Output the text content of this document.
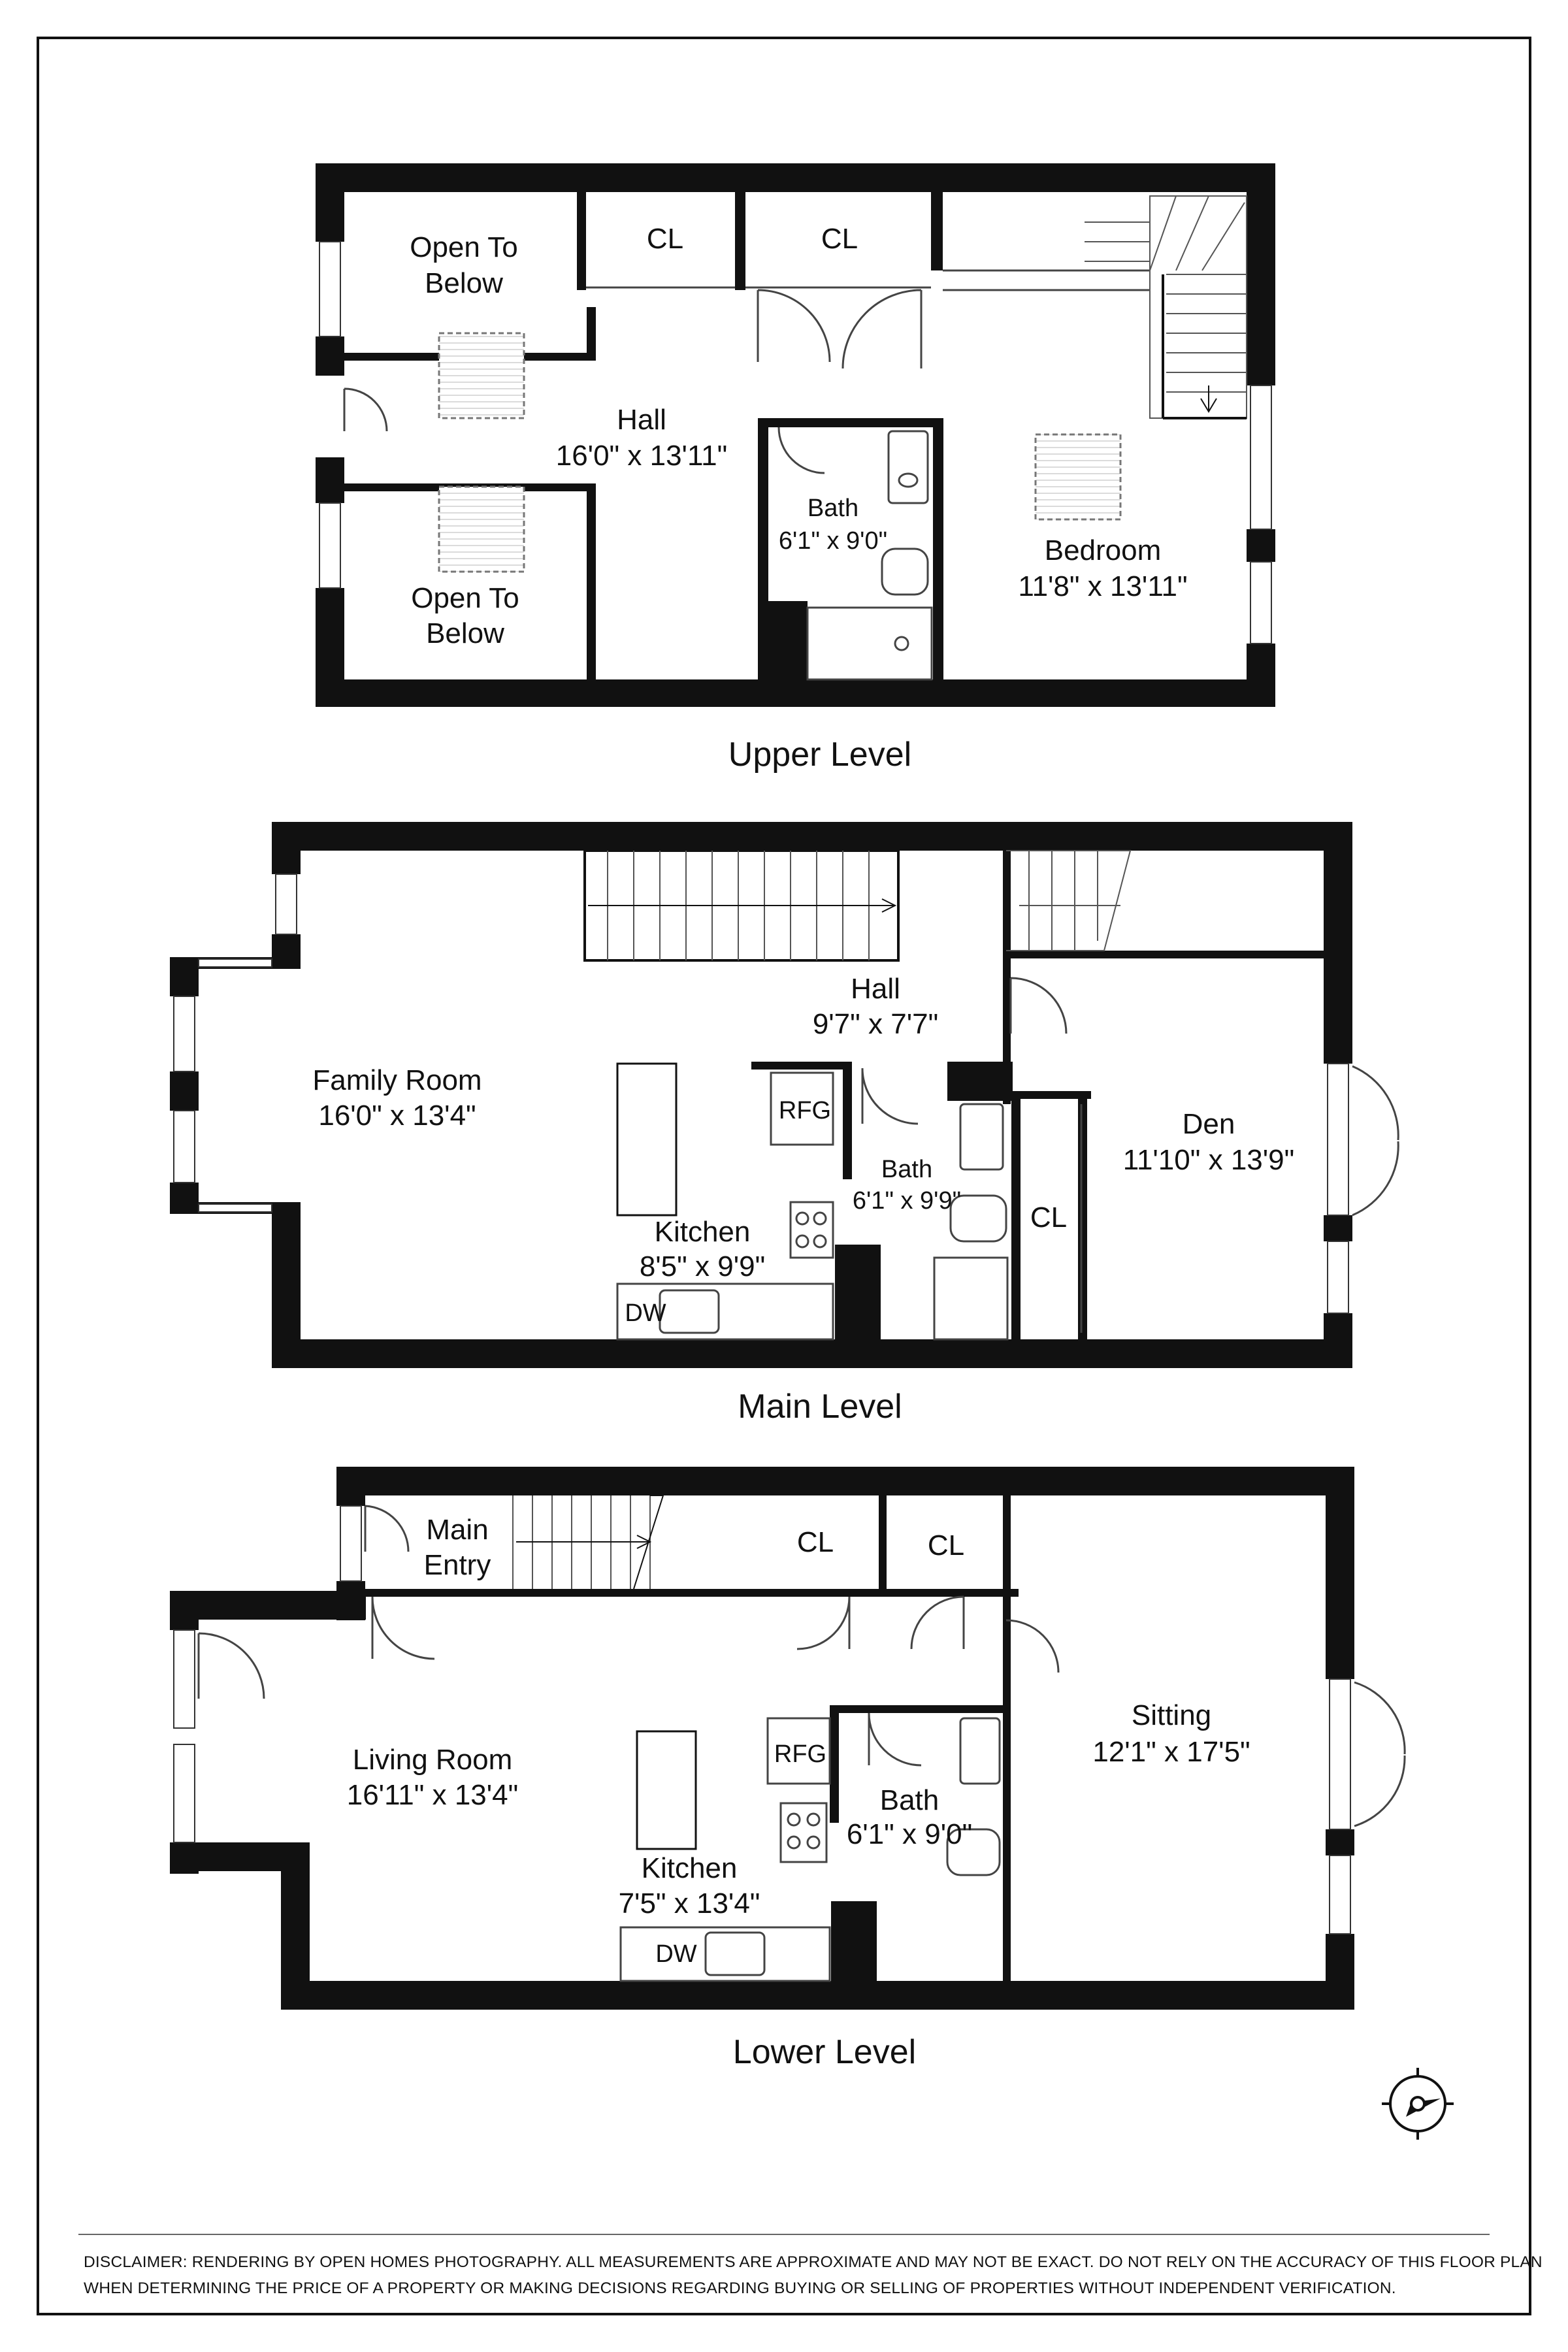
Open To Below
CL	CL
Hall 16'0" x 13'11"
Bath 6'1" x 9'0"	Bedroom 11'8" x 13'11"
Open To Below
Upper Level
Family Room 16'0" x 13'4"
Hall 9'7" x 7'7"
RFG
Bath 6'1" x 9'9"
CL
Den 11'10" x 13'9"
Kitchen 8'5" x 9'9"
DW
Main Level
Main Entry
CL	CL
Living Room 16'11" x 13'4"
RFG
Bath 6'1" x 9'0"
Sitting 12'1" x 17'5"
Kitchen 7'5" x 13'4"
DW
Lower Level
DISCLAIMER: RENDERING BY OPEN HOMES PHOTOGRAPHY. ALL MEASUREMENTS ARE APPROXIMATE AND MAY NOT BE EXACT. DO NOT RELY ON THE ACCURACY OF THIS FLOOR PLAN
WHEN DETERMINING THE PRICE OF A PROPERTY OR MAKING DECISIONS REGARDING BUYING OR SELLING OF PROPERTIES WITHOUT INDEPENDENT VERIFICATION.
